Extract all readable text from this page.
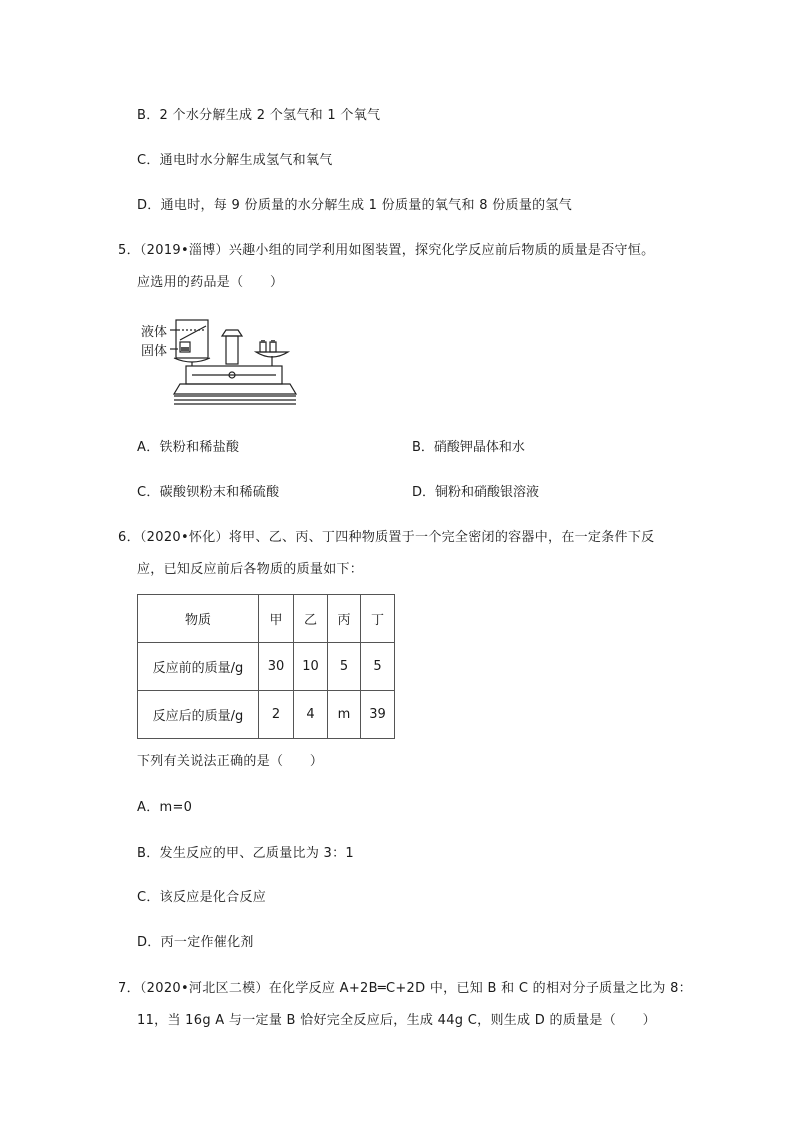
B．2 个水分解生成 2 个氢气和 1 个氧气
C．通电时水分解生成氢气和氧气
D．通电时，每 9 份质量的水分解生成 1 份质量的氧气和 8 份质量的氢气
5．（2019•淄博）兴趣小组的同学利用如图装置，探究化学反应前后物质的质量是否守恒。
应选用的药品是（　　）
液体
固体
A．铁粉和稀盐酸	B．硝酸钾晶体和水
C．碳酸钡粉末和稀硫酸	D．铜粉和硝酸银溶液
6．（2020•怀化）将甲、乙、丙、丁四种物质置于一个完全密闭的容器中，在一定条件下反
应，已知反应前后各物质的质量如下：
物质	甲	乙	丙	丁
反应前的质量/g	30	10	5	5
反应后的质量/g	2	4	m	39
下列有关说法正确的是（　　）
A．m=0
B．发生反应的甲、乙质量比为 3：1
C．该反应是化合反应
D．丙一定作催化剂
7．（2020•河北区二模）在化学反应 A+2B═C+2D 中，已知 B 和 C 的相对分子质量之比为 8：
11，当 16g A 与一定量 B 恰好完全反应后，生成 44g C，则生成 D 的质量是（　　）
